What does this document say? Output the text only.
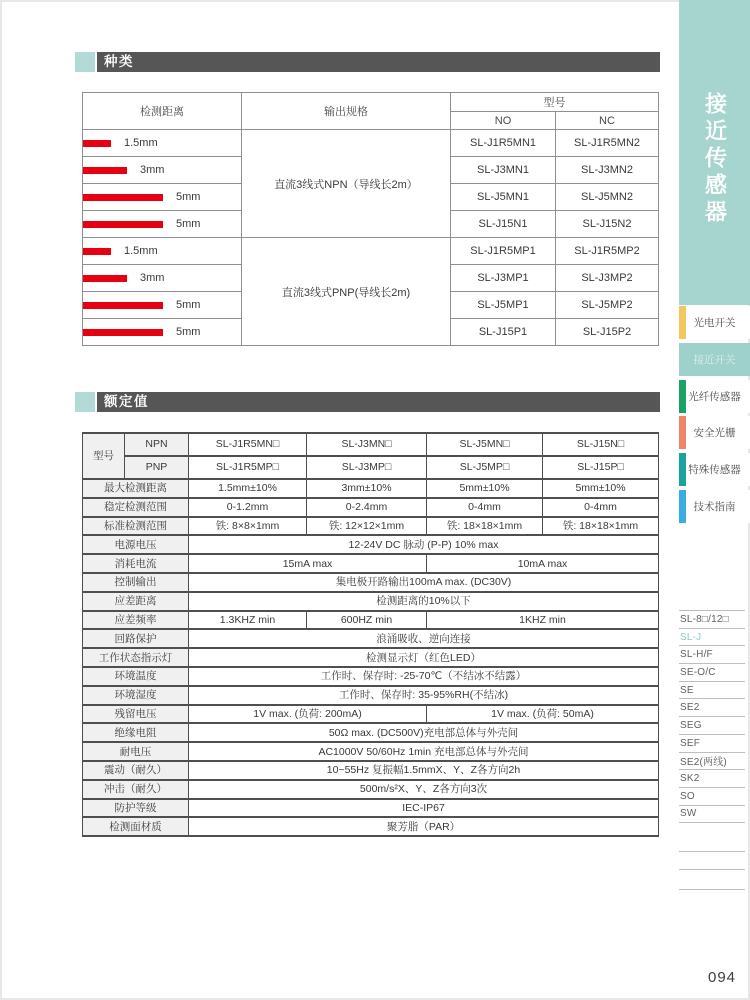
种类
检测距离	输出规格	型号	
		NO	NC

1.5mm	直流3线式NPN（导线长2m）	SL-J1R5MN1	SL-J1R5MN2

3mm		SL-J3MN1	SL-J3MN2

5mm		SL-J5MN1	SL-J5MN2

5mm		SL-J15N1	SL-J15N2

1.5mm	直流3线式PNP(导线长2m)	SL-J1R5MP1	SL-J1R5MP2

3mm		SL-J3MP1	SL-J3MP2

5mm		SL-J5MP1	SL-J5MP2

5mm		SL-J15P1	SL-J15P2
额定值
型号	NPN	SL-J1R5MN□	SL-J3MN□	SL-J5MN□	SL-J15N□
	PNP	SL-J1R5MP□	SL-J3MP□	SL-J5MP□	SL-J15P□
最大检测距离		1.5mm±10%	3mm±10%	5mm±10%	5mm±10%
稳定检测范围		0-1.2mm	0-2.4mm	0-4mm	0-4mm
标准检测范围		铁: 8×8×1mm	铁: 12×12×1mm	铁: 18×18×1mm	铁: 18×18×1mm
电源电压		12-24V DC 脉动 (P-P) 10% max			
消耗电流		15mA max		10mA max	
控制输出		集电极开路输出100mA max. (DC30V)			
应差距离		检测距离的10%以下			
应差频率		1.3KHZ min	600HZ min	1KHZ min	
回路保护		浪涌吸收、逆向连接			
工作状态指示灯		检测显示灯（红色LED）			
环境温度		工作时、保存时: -25-70℃（不结冰不结露）			
环境湿度		工作时、保存时: 35-95%RH(不结冰)			
残留电压		1V max. (负荷: 200mA)		1V max. (负荷: 50mA)	
绝缘电阻		50Ω max. (DC500V)充电部总体与外壳间			
耐电压		AC1000V 50/60Hz 1min 充电部总体与外壳间			
震动（耐久）		10~55Hz 复振幅1.5mmX、Y、Z各方向2h			
冲击（耐久）		500m/s²X、Y、Z各方向3次			
防护等级		IEC-IP67			
检测面材质		聚芳脂（PAR）			
接近传感器
光电开关
接近开关
光纤传感器
安全光栅
特殊传感器
技术指南
SL-8□/12□
SL-J
SL-H/F
SE-O/C
SE
SE2
SEG
SEF
SE2(两线)
SK2
SO
SW
094
